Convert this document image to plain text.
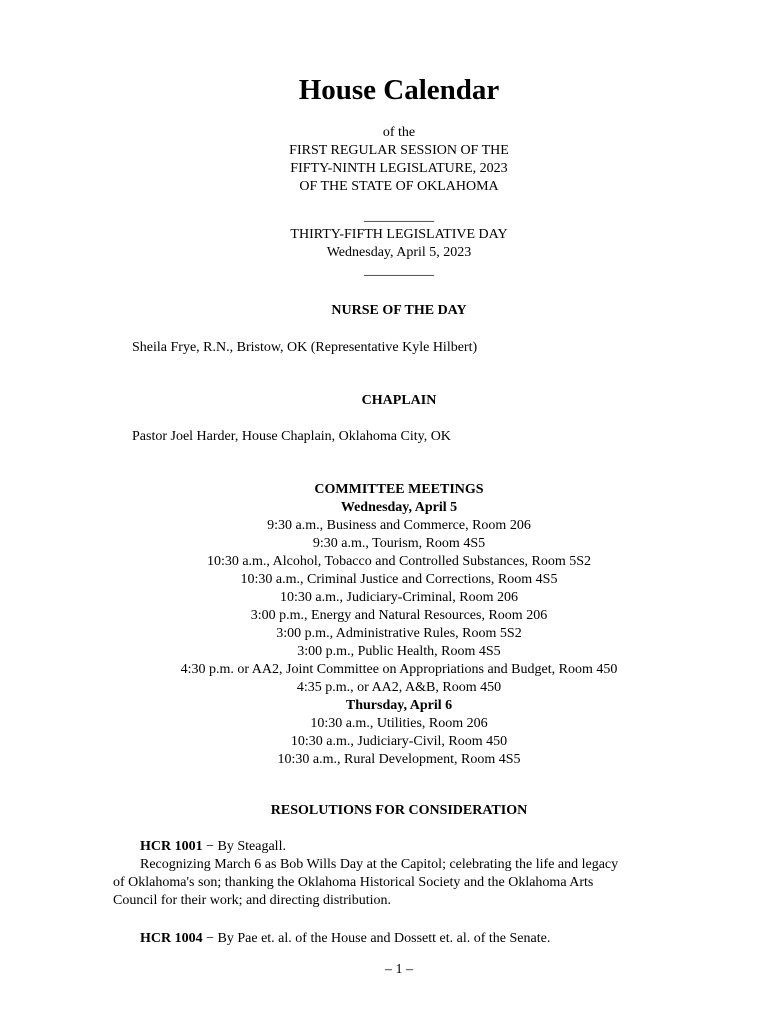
House Calendar
of the
FIRST REGULAR SESSION OF THE
FIFTY-NINTH LEGISLATURE, 2023
OF THE STATE OF OKLAHOMA
__________
THIRTY-FIFTH LEGISLATIVE DAY
Wednesday, April 5, 2023
__________
NURSE OF THE DAY
Sheila Frye, R.N., Bristow, OK (Representative Kyle Hilbert)
CHAPLAIN
Pastor Joel Harder, House Chaplain, Oklahoma City, OK
COMMITTEE MEETINGS
Wednesday, April 5
9:30 a.m., Business and Commerce, Room 206
9:30 a.m., Tourism, Room 4S5
10:30 a.m., Alcohol, Tobacco and Controlled Substances, Room 5S2
10:30 a.m., Criminal Justice and Corrections, Room 4S5
10:30 a.m., Judiciary-Criminal, Room 206
3:00 p.m., Energy and Natural Resources, Room 206
3:00 p.m., Administrative Rules, Room 5S2
3:00 p.m., Public Health, Room 4S5
4:30 p.m. or AA2, Joint Committee on Appropriations and Budget, Room 450
4:35 p.m., or AA2, A&B, Room 450
Thursday, April 6
10:30 a.m., Utilities, Room 206
10:30 a.m., Judiciary-Civil, Room 450
10:30 a.m., Rural Development, Room 4S5
RESOLUTIONS FOR CONSIDERATION
HCR 1001 − By Steagall.
Recognizing March 6 as Bob Wills Day at the Capitol; celebrating the life and legacy
of Oklahoma's son; thanking the Oklahoma Historical Society and the Oklahoma Arts
Council for their work; and directing distribution.
HCR 1004 − By Pae et. al. of the House and Dossett et. al. of the Senate.
– 1 –
